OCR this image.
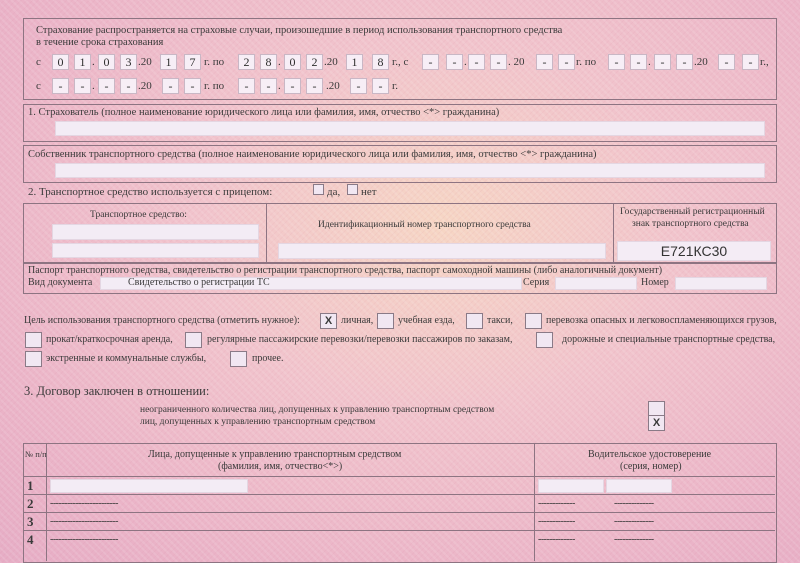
Страхование распространяется на страховые случаи, произошедшие в период использования транспортного средства
в течение срока страхования
с	0	1 . 0	3 .20	1	7 г. по	2	8 . 0	2 .20	1	8 г., с	-	- . -	- . 20	-	- г. по	-	- . -	- .20	-	- г.,
с	-	- . -	- .20	-	- г. по	-	- . -	- .20	-	- г.
1. Страхователь (полное наименование юридического лица или фамилия, имя, отчество <*> гражданина)
Собственник транспортного средства (полное наименование юридического лица или фамилия, имя, отчество <*> гражданина)
2. Транспортное средство используется с прицепом:	да, нет
Транспортное средство:
Идентификационный номер транспортного средства
Государственный регистрационный
знак транспортного средства
Е721КС30
Паспорт транспортного средства, свидетельство о регистрации транспортного средства, паспорт самоходной машины (либо аналогичный документ)
Вид документа	Свидетельство о регистрации ТС	Серия	Номер
Цель использования транспортного средства (отметить нужное):	Х личная, учебная езда,	такси,	перевозка опасных и легковоспламеняющихся грузов,
прокат/краткосрочная аренда,	регулярные пассажирские перевозки/перевозки пассажиров по заказам,	дорожные и специальные транспортные средства,
экстренные и коммунальные службы,	прочее.
3. Договор заключен в отношении:
неограниченного количества лиц, допущенных к управлению транспортным средством
лиц, допущенных к управлению транспортным средством	Х
№ п/п	Лица, допущенные к управлению транспортным средством
(фамилия, имя, отчество<*>)
Водительское удостоверение
(серия, номер)
1
2 ------------------------	-------------	--------------
3 ------------------------	-------------	--------------
4 ------------------------	-------------	--------------
